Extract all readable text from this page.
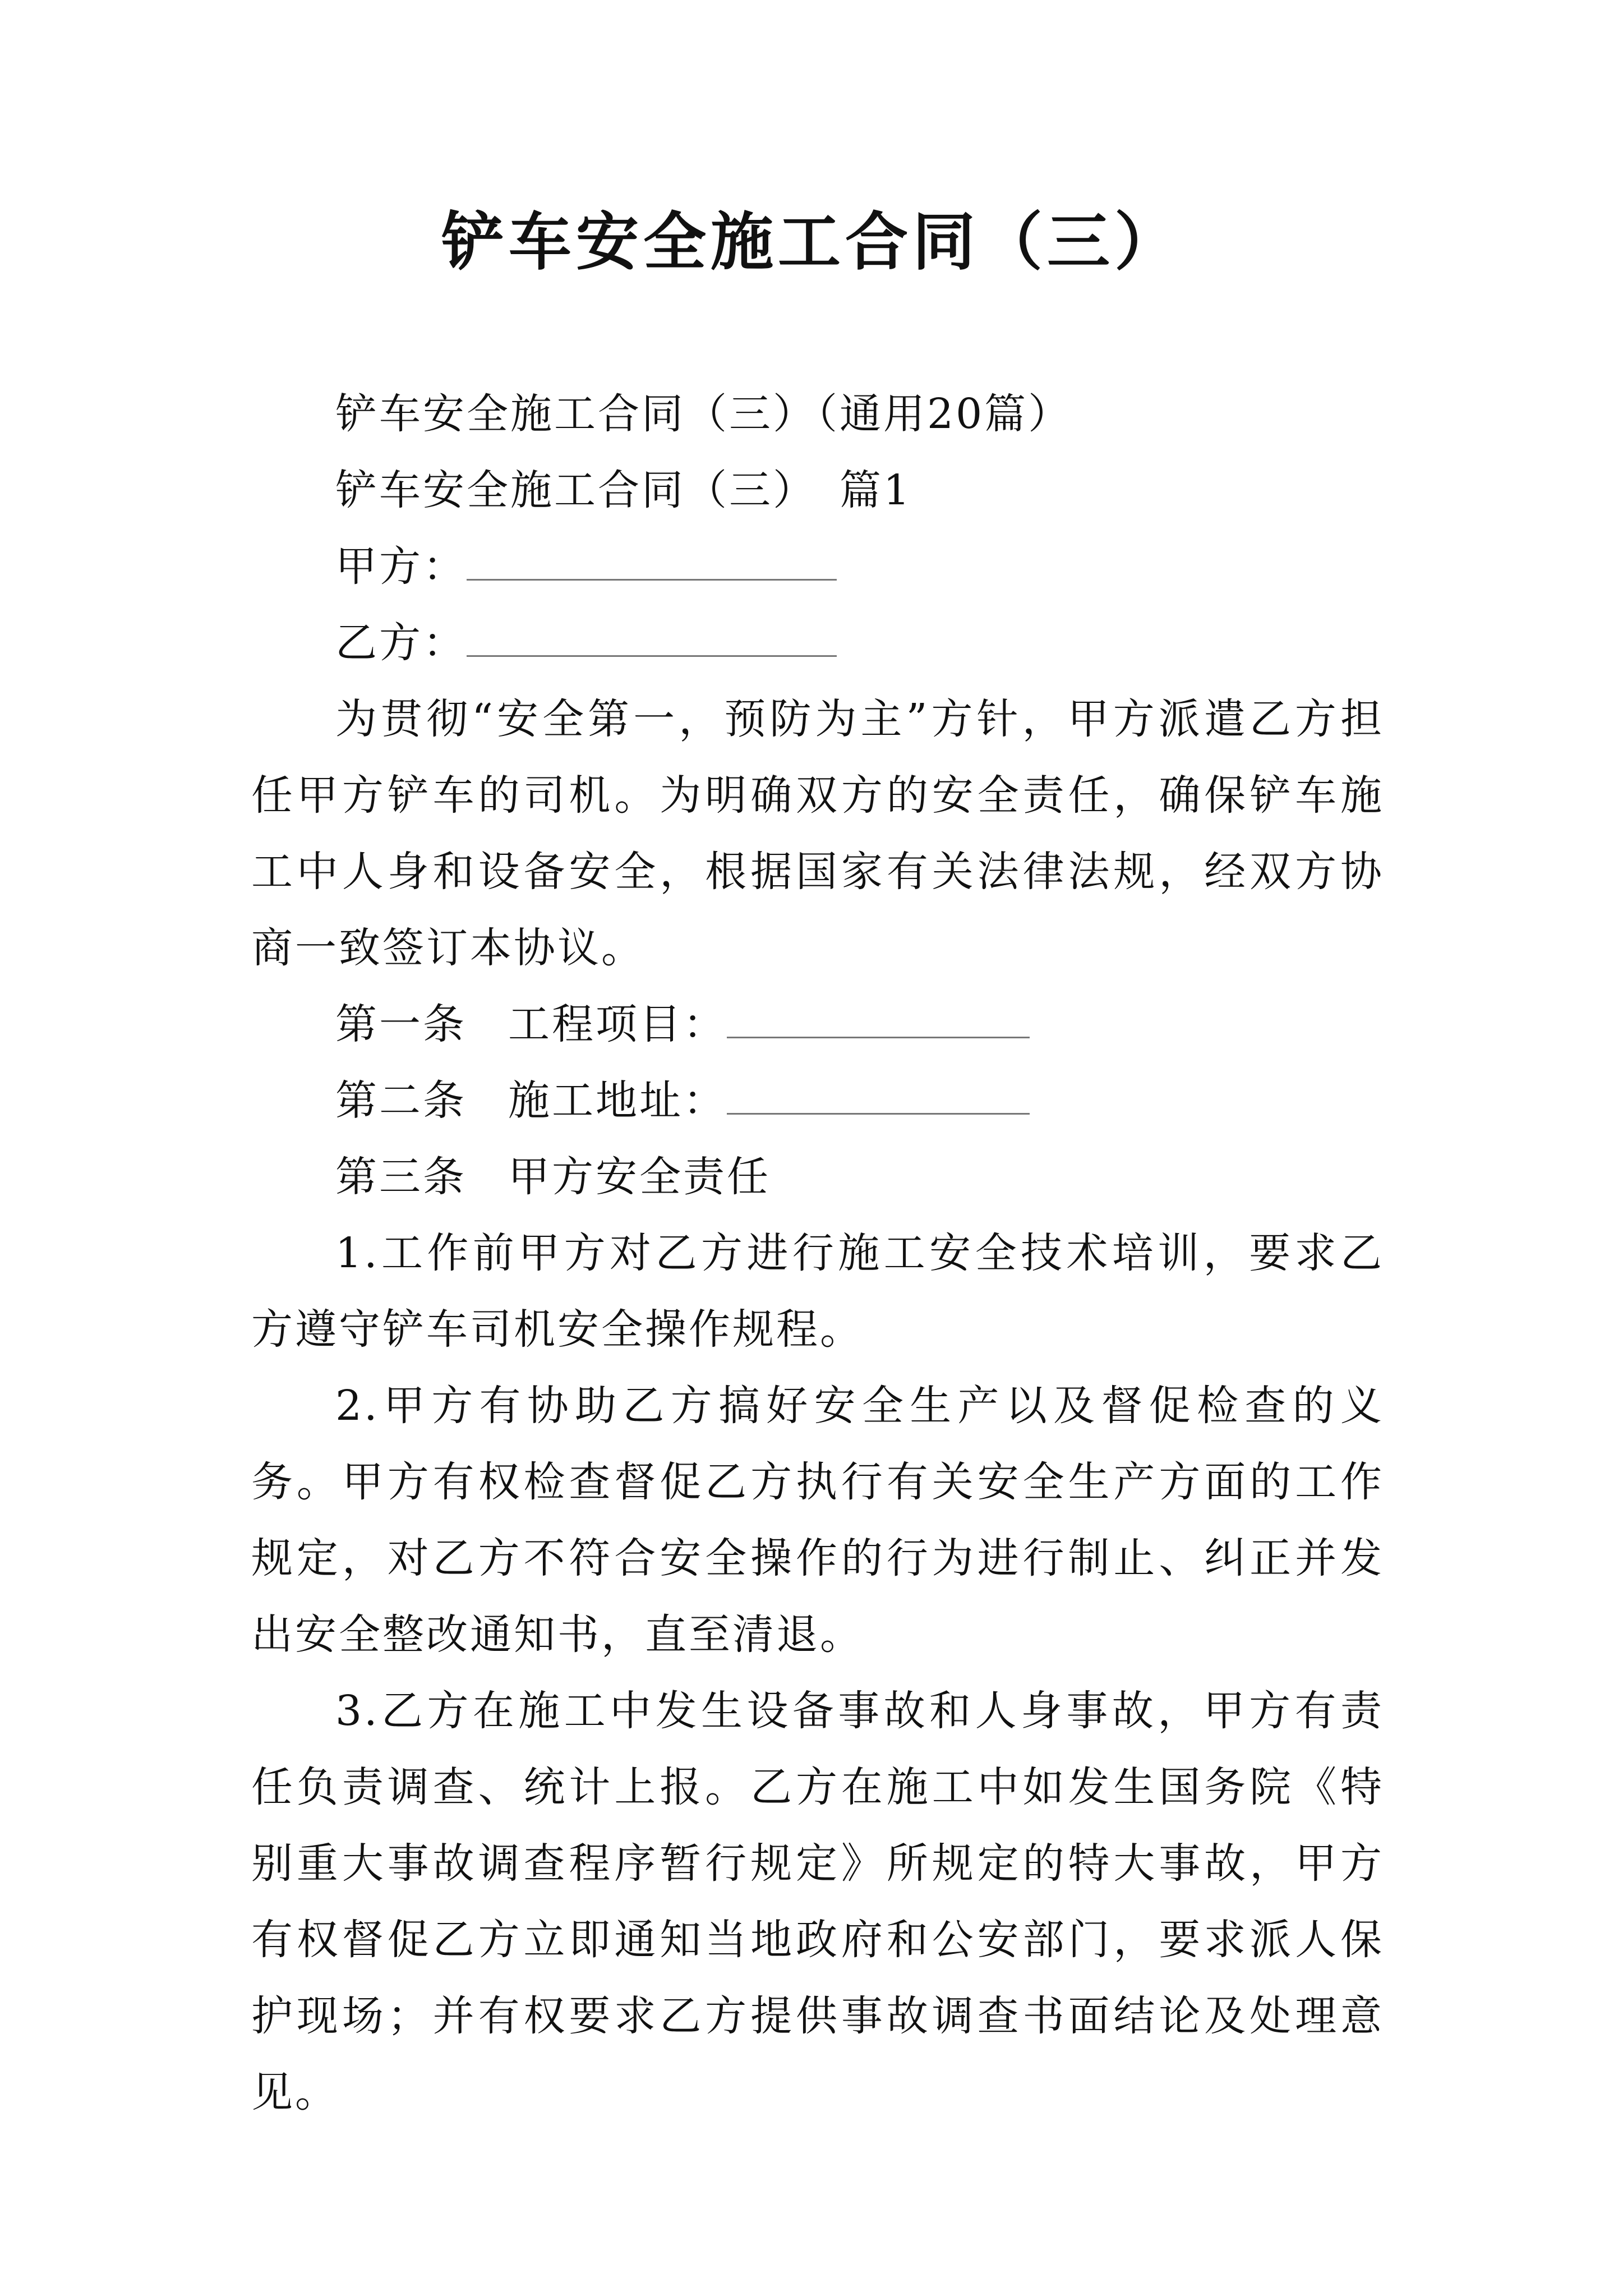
铲车安全施工合同（三）

铲车安全施工合同（三）（通用20篇）

铲车安全施工合同（三）　篇1

甲方：

乙方：

为贯彻“安全第一，预防为主”方针，甲方派遣乙方担任甲方铲车的司机。为明确双方的安全责任，确保铲车施工中人身和设备安全，根据国家有关法律法规，经双方协商一致签订本协议。

第一条 工程项目：

第二条 施工地址：

第三条 甲方安全责任

1.工作前甲方对乙方进行施工安全技术培训，要求乙方遵守铲车司机安全操作规程。

2.甲方有协助乙方搞好安全生产以及督促检查的义务。甲方有权检查督促乙方执行有关安全生产方面的工作规定，对乙方不符合安全操作的行为进行制止、纠正并发出安全整改通知书，直至清退。

3.乙方在施工中发生设备事故和人身事故，甲方有责任负责调查、统计上报。乙方在施工中如发生国务院《特别重大事故调查程序暂行规定》所规定的特大事故，甲方有权督促乙方立即通知当地政府和公安部门，要求派人保护现场；并有权要求乙方提供事故调查书面结论及处理意见。
